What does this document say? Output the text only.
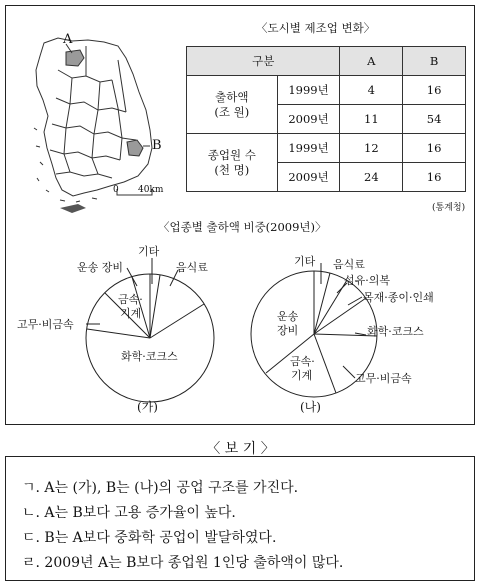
A
B
0 40km
〈도시별 제조업 변화〉
구분		A	B
출하액
(조 원)	1999년	4	16
	2009년	11	54
종업원 수
(천 명)	1999년	12	16
	2009년	24	16
(통계청)
〈업종별 출하액 비중(2009년)〉
기타
음식료
운송 장비
금속·
기계
고무·비금속
화학·코크스
(가)
기타 음식료
섬유·의복
목재·종이·인쇄
화학·코크스
운송
장비
금속·
기계	고무·비금속
(나)
〈 보 기 〉
ㄱ. A는 (가), B는 (나)의 공업 구조를 가진다.
ㄴ. A는 B보다 고용 증가율이 높다.
ㄷ. B는 A보다 중화학 공업이 발달하였다.
ㄹ. 2009년 A는 B보다 종업원 1인당 출하액이 많다.
